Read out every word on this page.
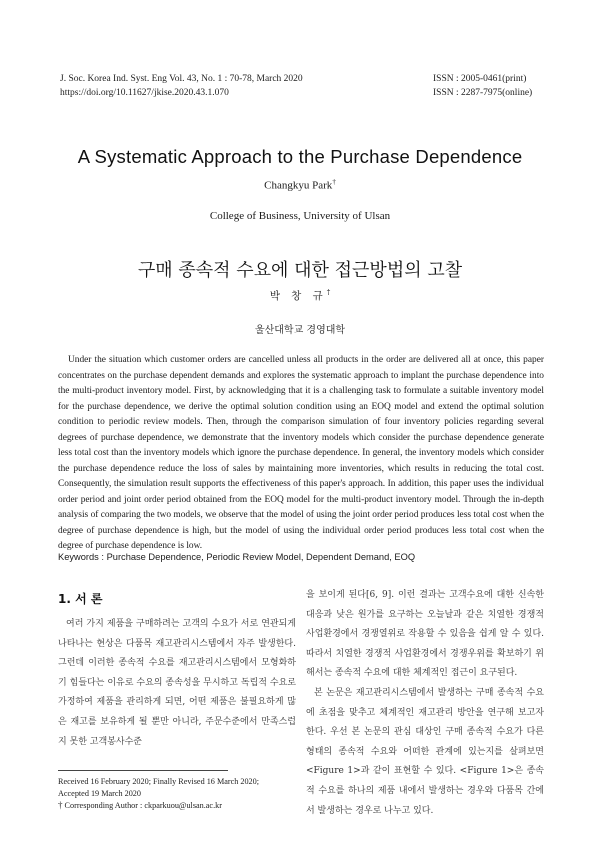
J. Soc. Korea Ind. Syst. Eng Vol. 43, No. 1 : 70-78, March 2020
https://doi.org/10.11627/jkise.2020.43.1.070
ISSN : 2005-0461(print)
ISSN : 2287-7975(online)
A Systematic Approach to the Purchase Dependence
Changkyu Park†
College of Business, University of Ulsan
구매 종속적 수요에 대한 접근방법의 고찰
박 창 규†
울산대학교 경영대학
Under the situation which customer orders are cancelled unless all products in the order are delivered all at once, this paper concentrates on the purchase dependent demands and explores the systematic approach to implant the purchase dependence into the multi-product inventory model. First, by acknowledging that it is a challenging task to formulate a suitable inventory model for the purchase dependence, we derive the optimal solution condition using an EOQ model and extend the optimal solution condition to periodic review models. Then, through the comparison simulation of four inventory policies regarding several degrees of purchase dependence, we demonstrate that the inventory models which consider the purchase dependence generate less total cost than the inventory models which ignore the purchase dependence. In general, the inventory models which consider the purchase dependence reduce the loss of sales by maintaining more inventories, which results in reducing the total cost. Consequently, the simulation result supports the effectiveness of this paper's approach. In addition, this paper uses the individual order period and joint order period obtained from the EOQ model for the multi-product inventory model. Through the in-depth analysis of comparing the two models, we observe that the model of using the joint order period produces less total cost when the degree of purchase dependence is high, but the model of using the individual order period produces less total cost when the degree of purchase dependence is low.
Keywords : Purchase Dependence, Periodic Review Model, Dependent Demand, EOQ
1. 서 론
여러 가지 제품을 구매하려는 고객의 수요가 서로 연관되게 나타나는 현상은 다품목 재고관리시스템에서 자주 발생한다. 그런데 이러한 종속적 수요를 재고관리시스템에서 모형화하기 힘들다는 이유로 수요의 종속성을 무시하고 독립적 수요로 가정하여 제품을 관리하게 되면, 어떤 제품은 불필요하게 많은 재고를 보유하게 될 뿐만 아니라, 주문수준에서 만족스럽지 못한 고객봉사수준

을 보이게 된다[6, 9]. 이런 결과는 고객수요에 대한 신속한 대응과 낮은 원가를 요구하는 오늘날과 같은 치열한 경쟁적 사업환경에서 경쟁열위로 작용할 수 있음을 쉽게 알 수 있다. 따라서 치열한 경쟁적 사업환경에서 경쟁우위를 확보하기 위해서는 종속적 수요에 대한 체계적인 접근이 요구된다.

본 논문은 재고관리시스템에서 발생하는 구매 종속적 수요에 초점을 맞추고 체계적인 재고관리 방안을 연구해 보고자 한다. 우선 본 논문의 관심 대상인 구매 종속적 수요가 다른 형태의 종속적 수요와 어떠한 관계에 있는지를 살펴보면 <Figure 1>과 같이 표현할 수 있다. <Figure 1>은 종속적 수요를 하나의 제품 내에서 발생하는 경우와 다품목 간에서 발생하는 경우로 나누고 있다.

Received 16 February 2020; Finally Revised 16 March 2020;
Accepted 19 March 2020
† Corresponding Author : ckparkuou@ulsan.ac.kr
